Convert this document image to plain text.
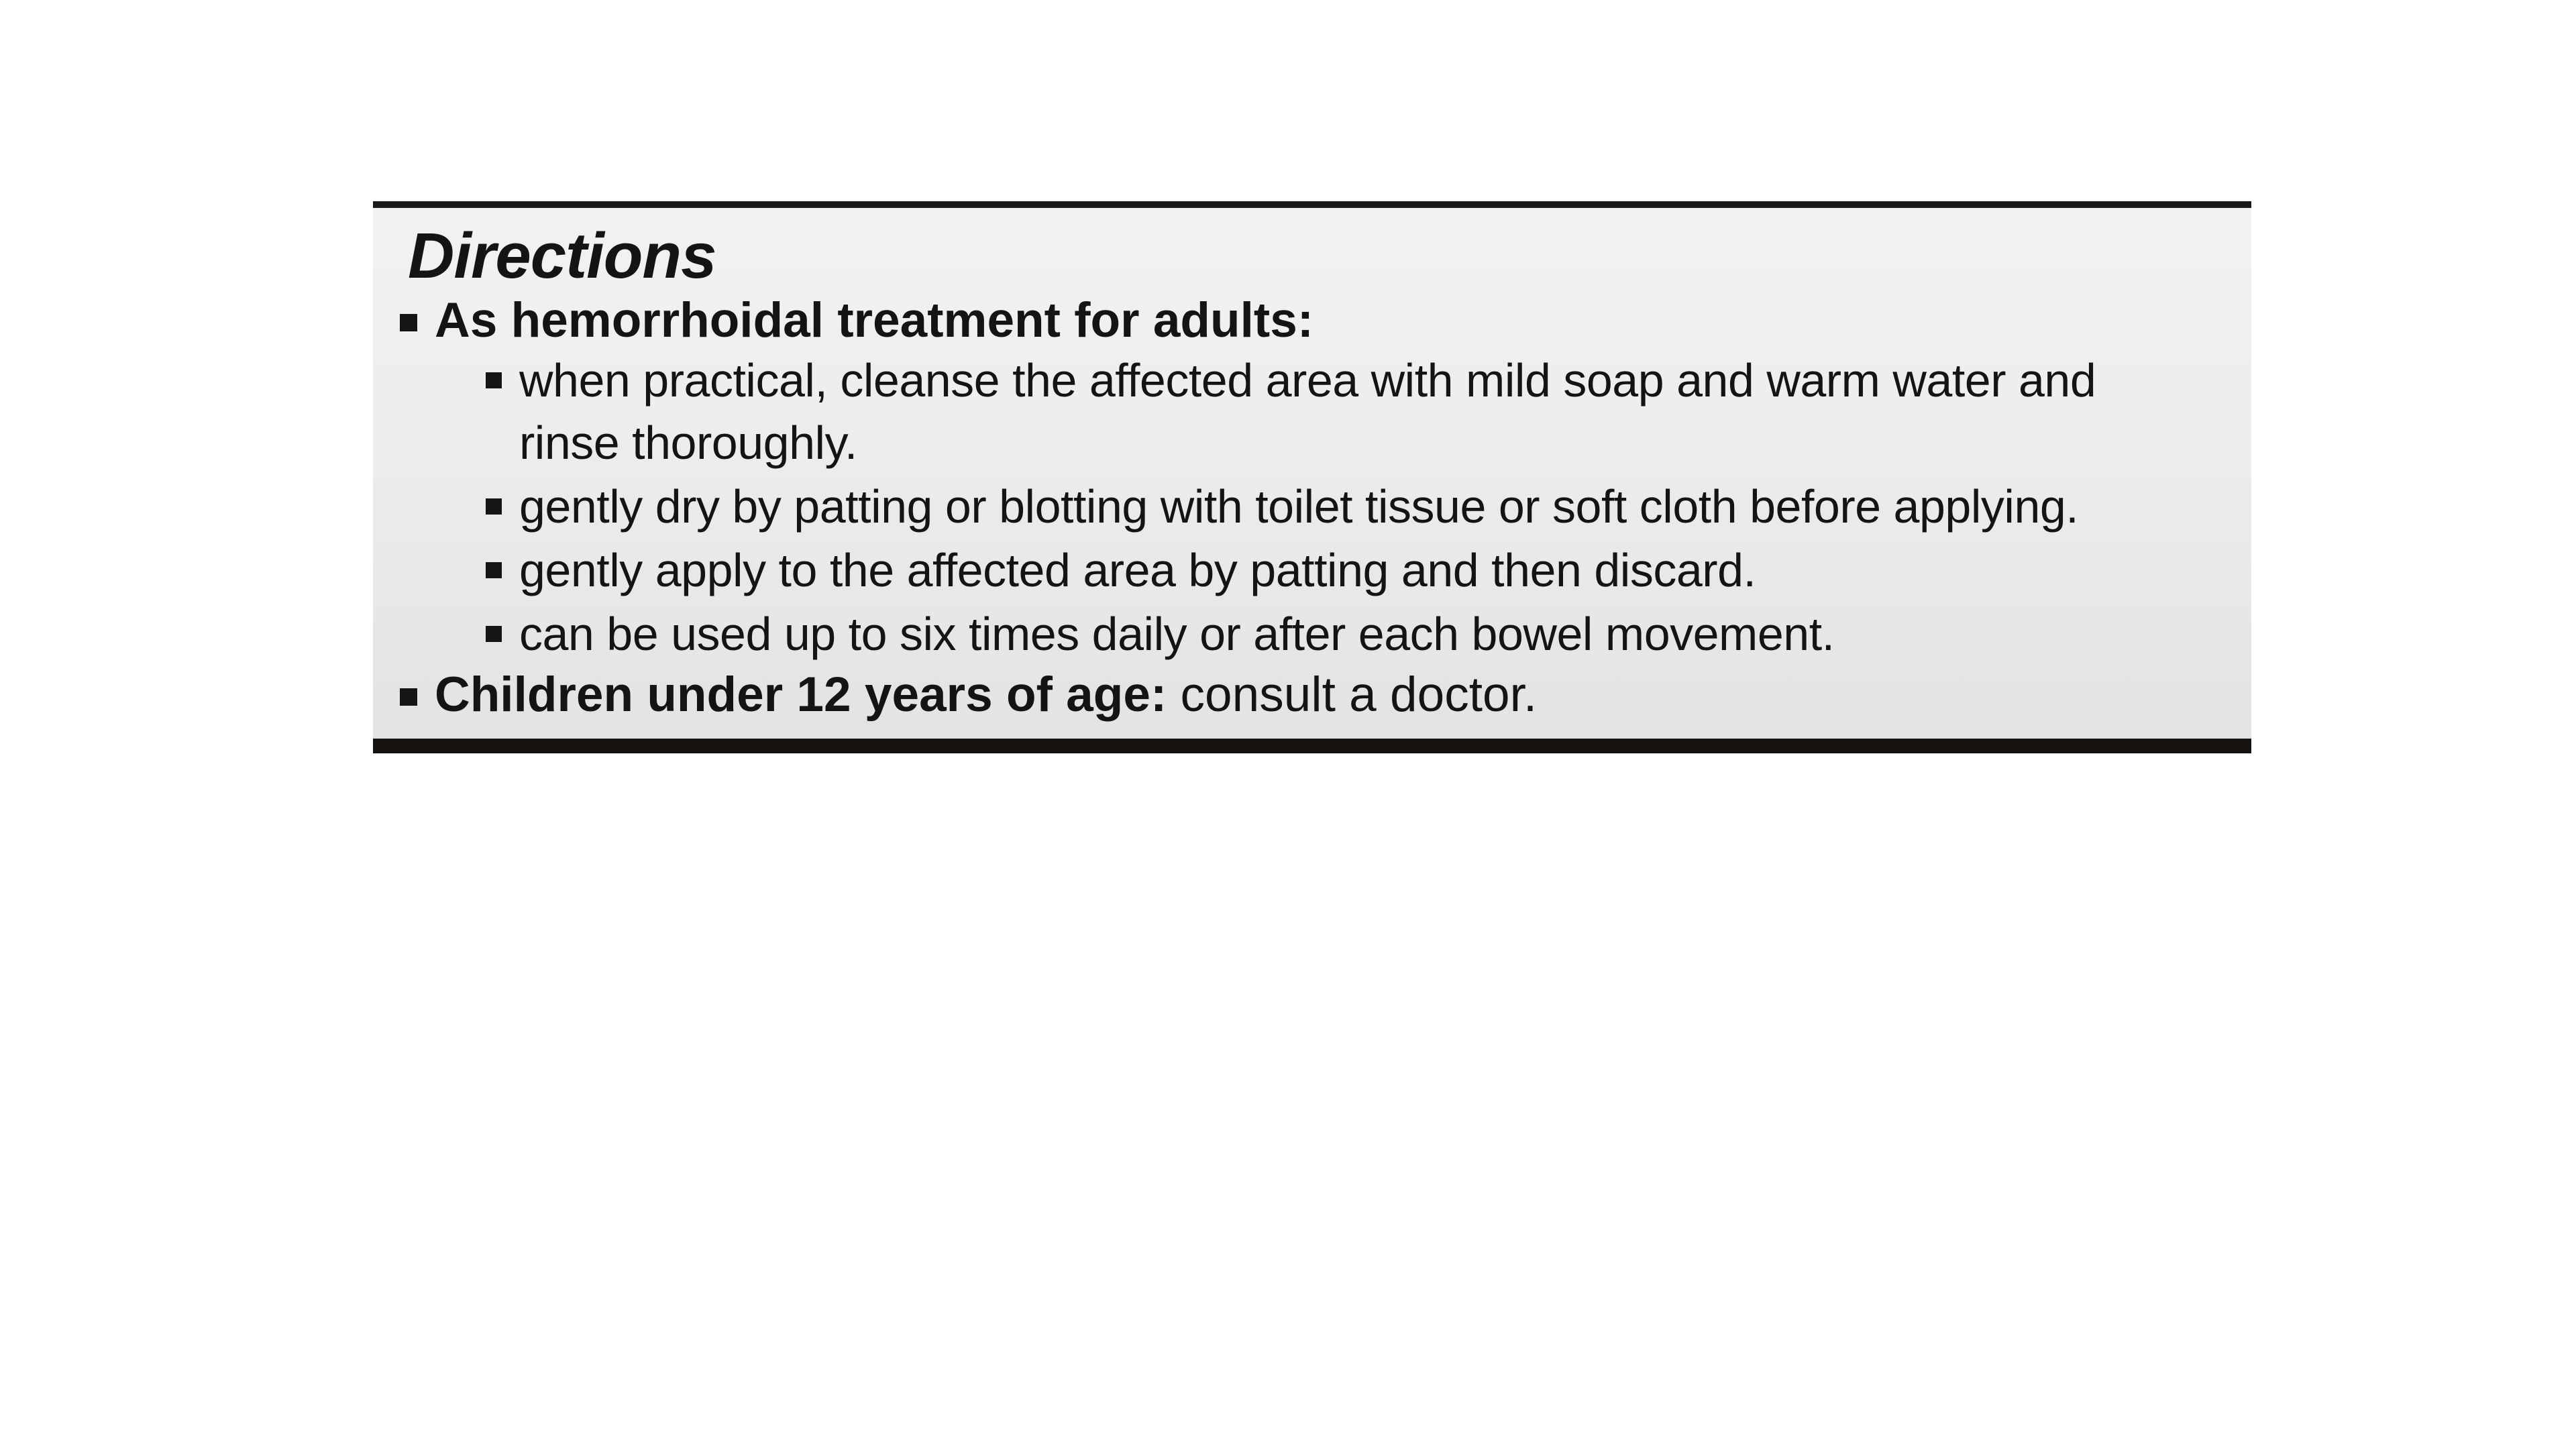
Directions
As hemorrhoidal treatment for adults:
when practical, cleanse the affected area with mild soap and warm water and rinse thoroughly.
gently dry by patting or blotting with toilet tissue or soft cloth before applying.
gently apply to the affected area by patting and then discard.
can be used up to six times daily or after each bowel movement.
Children under 12 years of age: consult a doctor.
